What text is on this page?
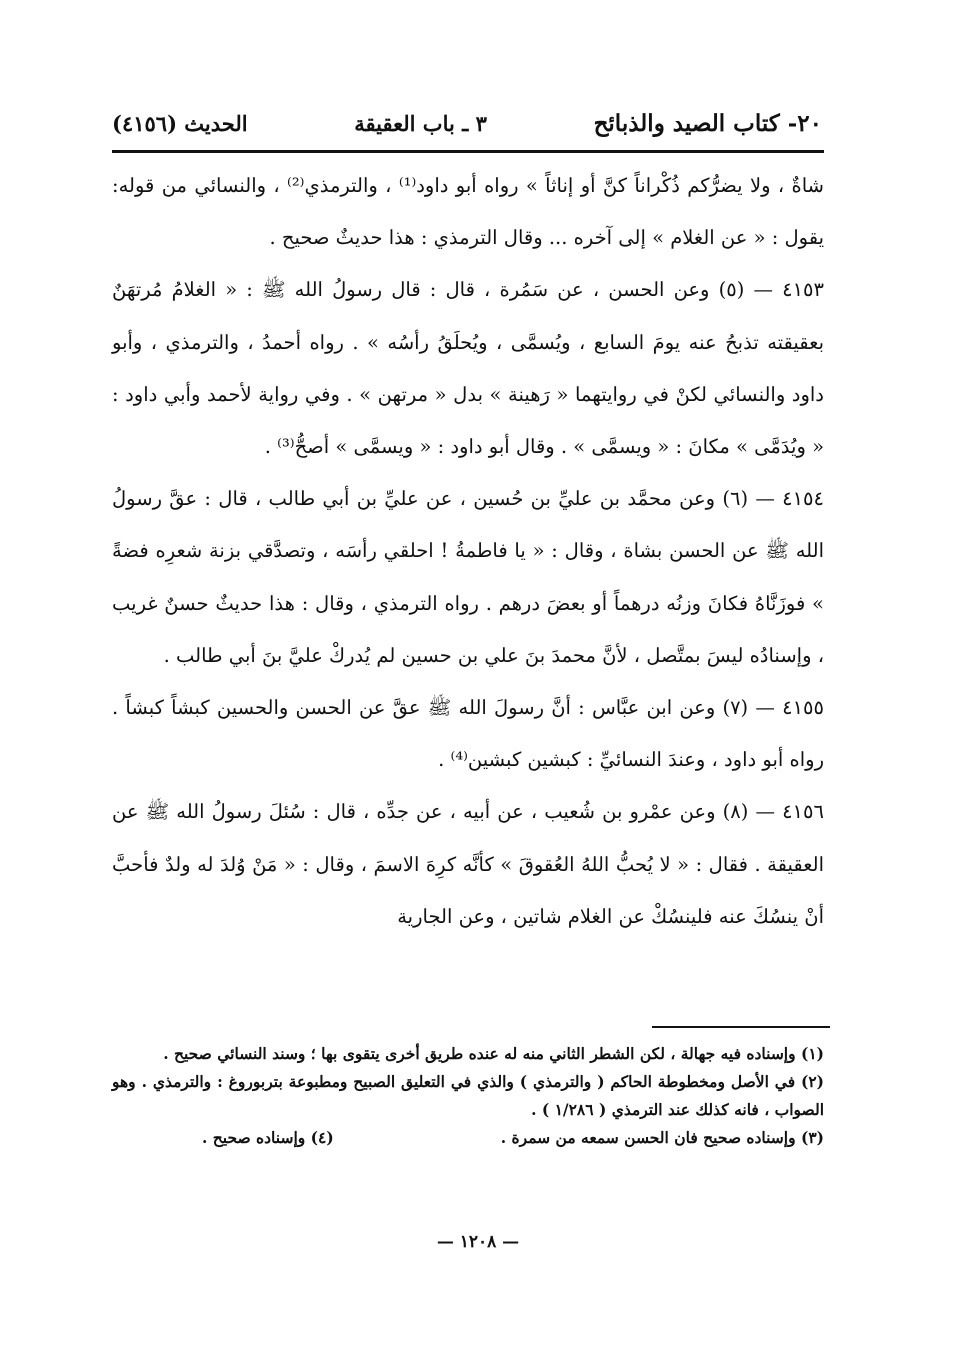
٢٠- كتاب الصيد والذبائح
٣ ـ باب العقيقة
الحديث (٤١٥٦)

شاةٌ ، ولا يضرُّكم ذُكْراناً كنَّ أو إناثاً » رواه أبو داود⁽¹⁾ ، والترمذي⁽²⁾ ، والنسائي من قوله: يقول : « عن الغلام » إلى آخره ... وقال الترمذي : هذا حديثٌ صحيح .

٤١٥٣ — (٥) وعن الحسن ، عن سَمُرة ، قال : قال رسولُ الله ﷺ : « الغلامُ مُرتهَنٌ بعقيقته تذبحُ عنه يومَ السابع ، ويُسمَّى ، ويُحلَقُ رأسُه » . رواه أحمدُ ، والترمذي ، وأبو داود والنسائي لكنْ في روايتهما « رَهينة » بدل « مرتهن » . وفي رواية لأحمد وأبي داود : « ويُدَمَّى » مكانَ : « ويسمَّى » . وقال أبو داود : « ويسمَّى » أصحُّ⁽³⁾ .

٤١٥٤ — (٦) وعن محمَّد بن عليِّ بن حُسين ، عن عليِّ بن أبي طالب ، قال : عقَّ رسولُ الله ﷺ عن الحسن بشاة ، وقال : « يا فاطمةُ ! احلقي رأسَه ، وتصدَّقي بزنة شعرِه فضةً » فوزَنَّاهُ فكانَ وزنُه درهماً أو بعضَ درهم . رواه الترمذي ، وقال : هذا حديثٌ حسنٌ غريب ، وإسنادُه ليسَ بمتَّصل ، لأنَّ محمدَ بنَ علي بن حسين لم يُدركْ عليَّ بنَ أبي طالب .

٤١٥٥ — (٧) وعن ابن عبَّاس : أنَّ رسولَ الله ﷺ عقَّ عن الحسن والحسين كبشاً كبشاً . رواه أبو داود ، وعندَ النسائيِّ : كبشين كبشين⁽⁴⁾ .

٤١٥٦ — (٨) وعن عمْرو بن شُعيب ، عن أبيه ، عن جدِّه ، قال : سُئلَ رسولُ الله ﷺ عن العقيقة . فقال : « لا يُحبُّ اللهُ العُقوقَ » كأنَّه كرِهَ الاسمَ ، وقال : « مَنْ وُلدَ له ولدٌ فأحبَّ أنْ ينسُكَ عنه فلينسُكْ عن الغلام شاتين ، وعن الجارية

(١) وإسناده فيه جهالة ، لكن الشطر الثاني منه له عنده طريق أخرى يتقوى بها ؛ وسند النسائي صحيح .

(٢) في الأصل ومخطوطة الحاكم ( والترمذي ) والذي في التعليق الصبيح ومطبوعة بتربوروغ : والترمذي . وهو الصواب ، فانه كذلك عند الترمذي ( ١/٢٨٦ ) .

(٣) وإسناده صحيح فان الحسن سمعه من سمرة .
(٤) وإسناده صحيح .
— ١٢٠٨ —
